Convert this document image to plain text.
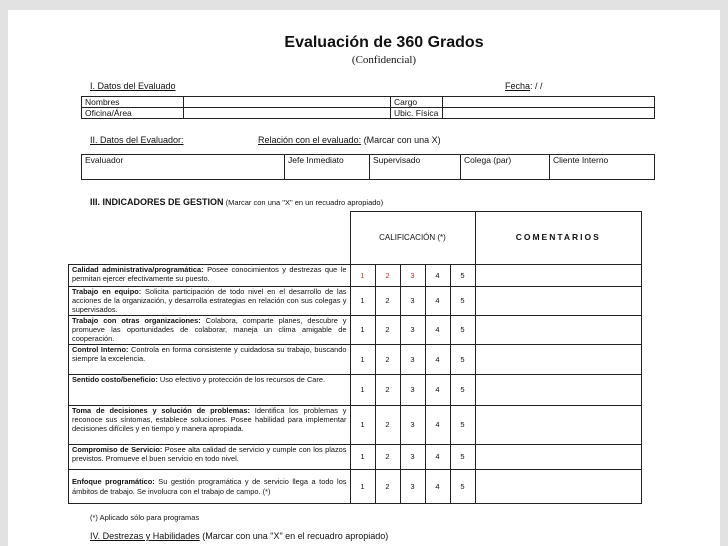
Evaluación de 360 Grados
(Confidencial)
I. Datos del Evaluado	Fecha: / /
Nombres		Cargo	
Oficina/Área		Ubic. Física	
II. Datos del Evaluador:	Relación con el evaluado: (Marcar con una X)
Evaluador	Jefe Inmediato	Supervisado	Colega (par)	Cliente Interno
III. INDICADORES DE GESTION (Marcar con una "X" en un recuadro apropiado)
	CALIFICACIÓN (*)					COMENTARIOS
Calidad administrativa/programática: Posee conocimientos y destrezas que le permitan ejercer efectivamente su puesto.	1	2	3	4	5	
Trabajo en equipo: Solicita participación de todo nivel en el desarrollo de las acciones de la organización, y desarrolla estrategias en relación con sus colegas y supervisados.	1	2	3	4	5	
Trabajo con otras organizaciones: Colabora, comparte planes, descubre y promueve las oportunidades de colaborar, maneja un clima amigable de cooperación.	1	2	3	4	5	
Control Interno: Controla en forma consistente y cuidadosa su trabajo, buscando siempre la excelencia.	1	2	3	4	5	
Sentido costo/beneficio: Uso efectivo y protección de los recursos de Care.	1	2	3	4	5	
Toma de decisiones y solución de problemas: Identifica los problemas y reconoce sus síntomas, establece soluciones. Posee habilidad para implementar decisiones difíciles y en tiempo y manera apropiada.	1	2	3	4	5	
Compromiso de Servicio: Posee alta calidad de servicio y cumple con los plazos previstos. Promueve el buen servicio en todo nivel.	1	2	3	4	5	
Enfoque programático: Su gestión programática y de servicio llega a todo los ámbitos de trabajo. Se involucra con el trabajo de campo. (*)	1	2	3	4	5	
(*) Aplicado sólo para programas
IV. Destrezas y Habilidades (Marcar con una "X" en el recuadro apropiado)
